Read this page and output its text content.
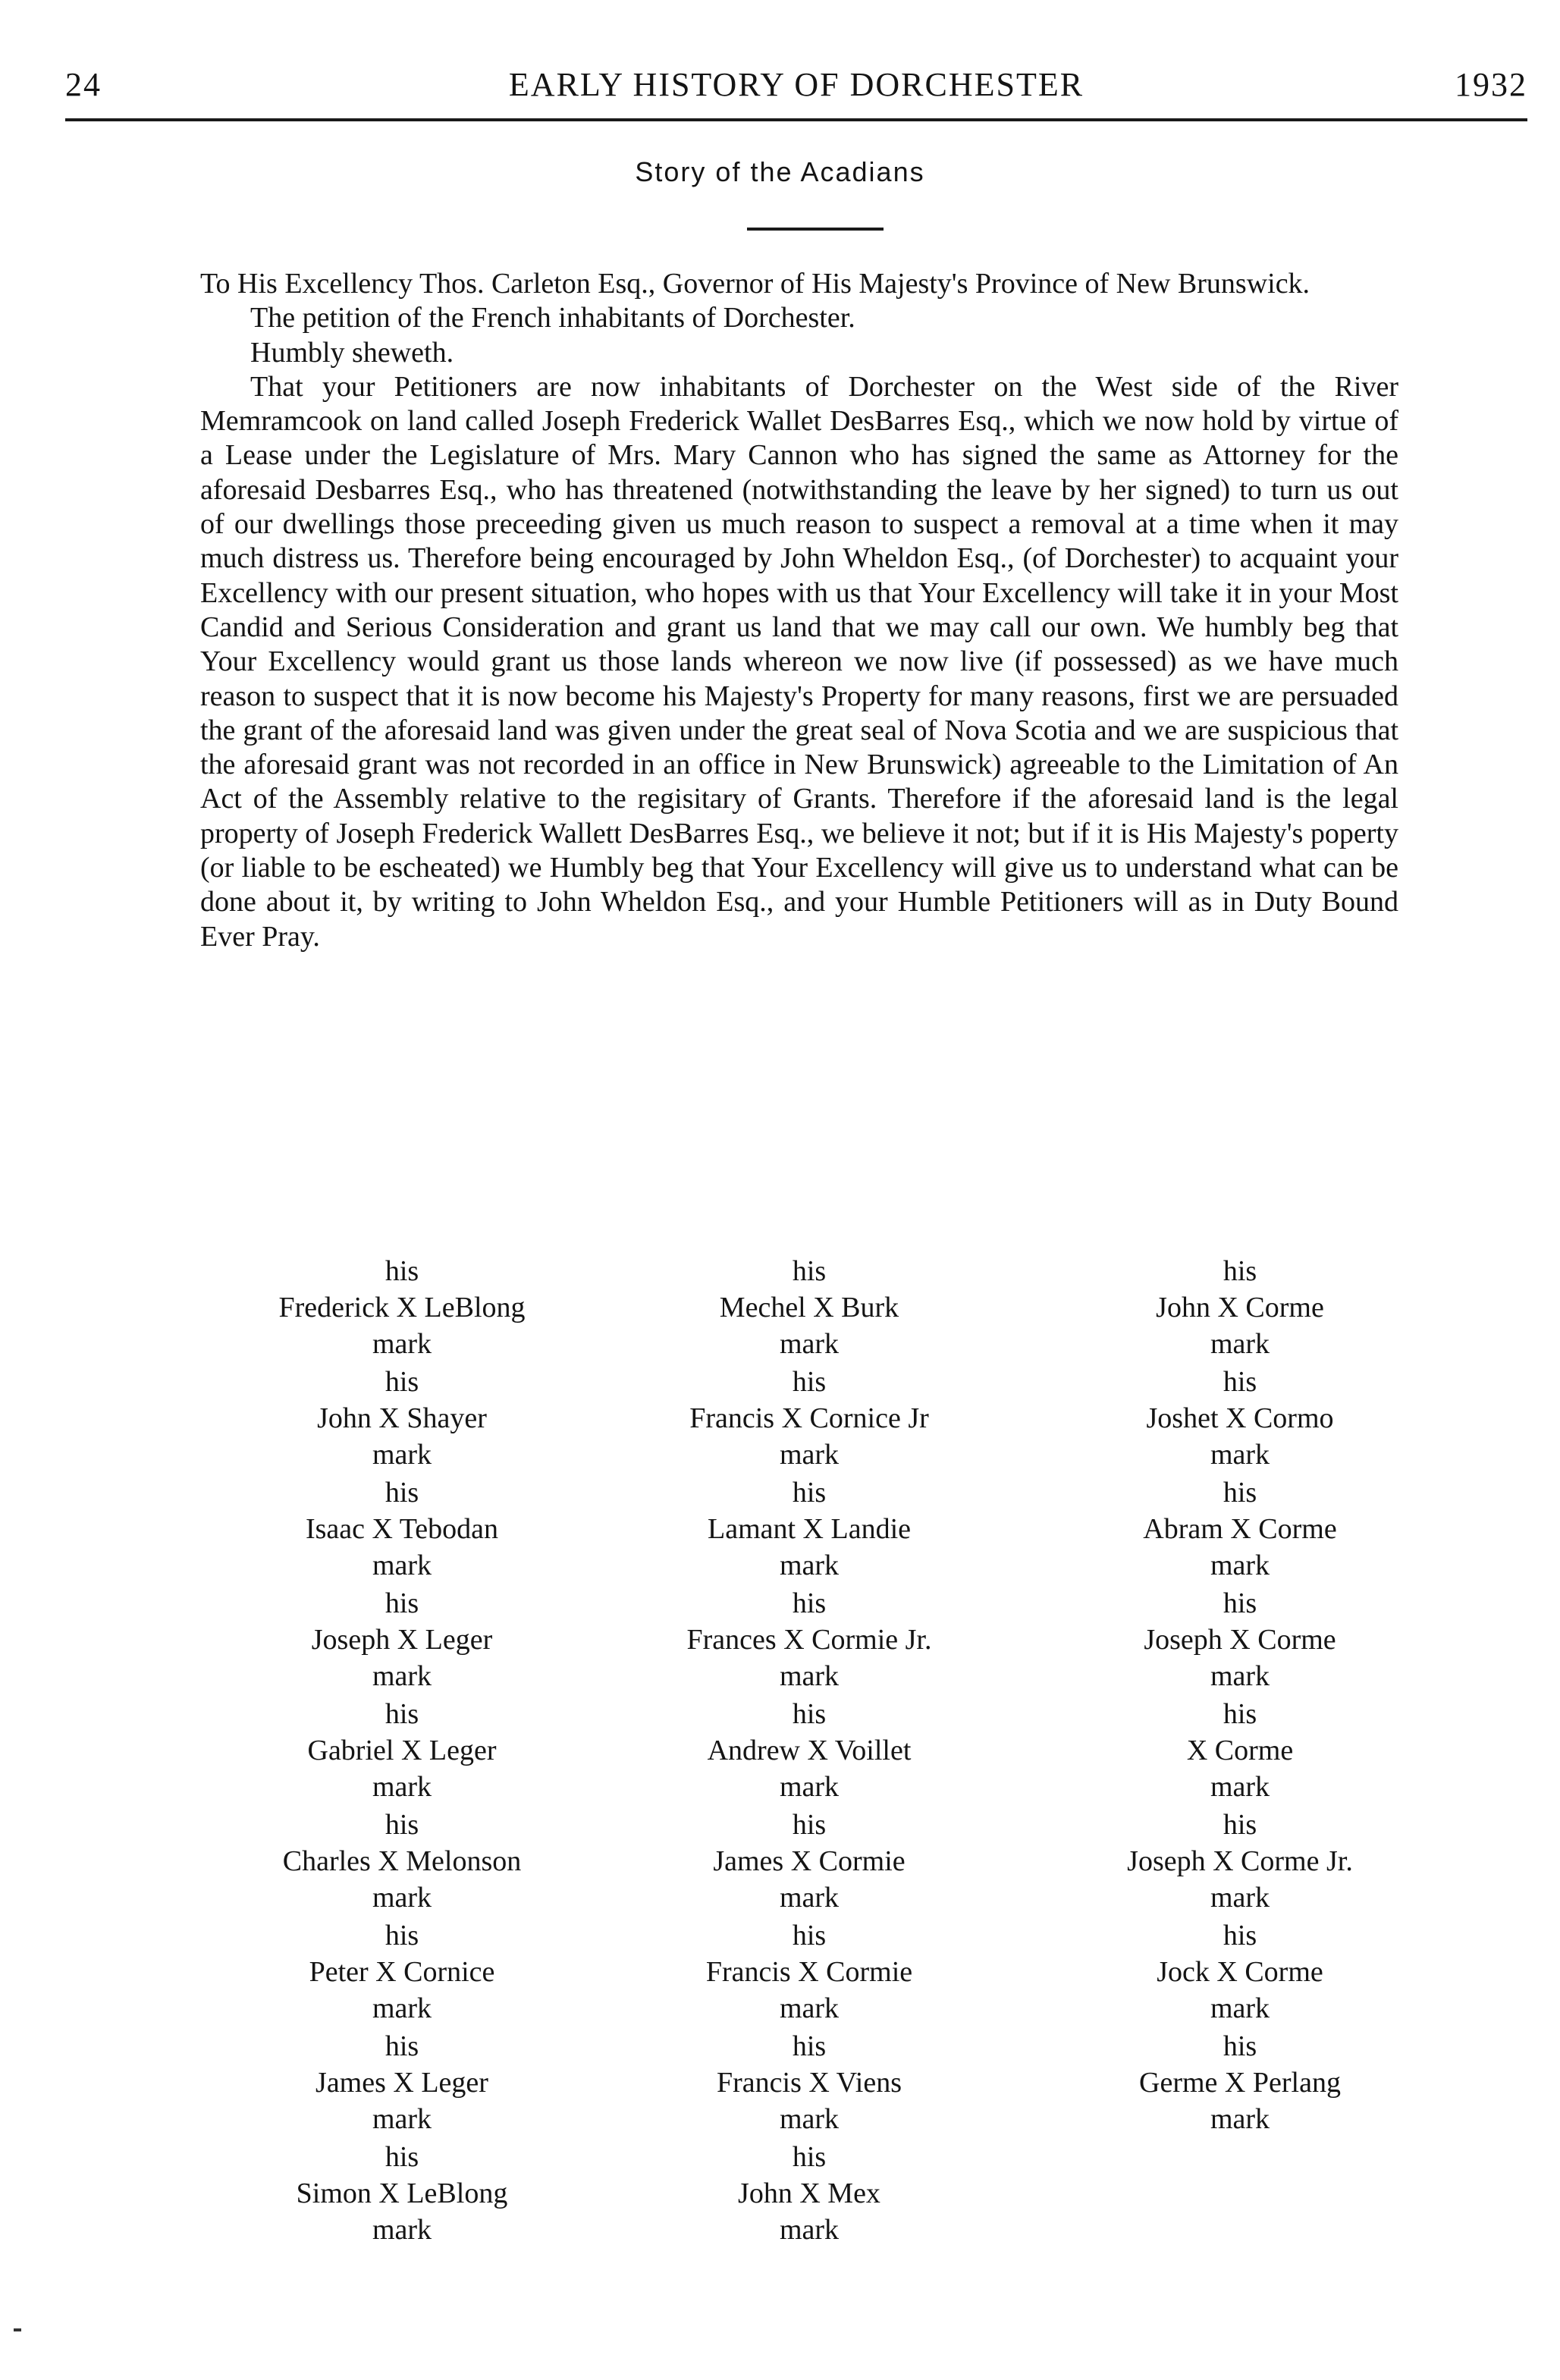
24	EARLY HISTORY OF DORCHESTER	1932
Story of the Acadians

To His Excellency Thos. Carleton Esq., Governor of His Majesty's Province of New Brunswick.

The petition of the French inhabitants of Dorchester.

Humbly sheweth.

That your Petitioners are now inhabitants of Dorchester on the West side of the River Memramcook on land called Joseph Frederick Wallet DesBarres Esq., which we now hold by virtue of a Lease under the Legislature of Mrs. Mary Cannon who has signed the same as Attorney for the aforesaid Desbarres Esq., who has threatened (notwithstanding the leave by her signed) to turn us out of our dwellings those preceeding given us much reason to suspect a removal at a time when it may much distress us. Therefore being encouraged by John Wheldon Esq., (of Dorchester) to acquaint your Excellency with our present situation, who hopes with us that Your Excellency will take it in your Most Candid and Serious Consideration and grant us land that we may call our own. We humbly beg that Your Excellency would grant us those lands whereon we now live (if possessed) as we have much reason to suspect that it is now become his Majesty's Property for many reasons, first we are persuaded the grant of the aforesaid land was given under the great seal of Nova Scotia and we are suspicious that the aforesaid grant was not recorded in an office in New Brunswick) agreeable to the Limitation of An Act of the Assembly relative to the regisitary of Grants. Therefore if the aforesaid land is the legal property of Joseph Frederick Wallett DesBarres Esq., we believe it not; but if it is His Majesty's poperty (or liable to be escheated) we Humbly beg that Your Excellency will give us to understand what can be done about it, by writing to John Wheldon Esq., and your Humble Petitioners will as in Duty Bound Ever Pray.

his
Frederick X LeBlong
mark
his
John X Shayer
mark
his
Isaac X Tebodan
mark
his
Joseph X Leger
mark
his
Gabriel X Leger
mark
his
Charles X Melonson
mark
his
Peter X Cornice
mark
his
James X Leger
mark
his
Simon X LeBlong
mark
his
Mechel X Burk
mark
his
Francis X Cornice Jr
mark
his
Lamant X Landie
mark
his
Frances X Cormie Jr.
mark
his
Andrew X Voillet
mark
his
James X Cormie
mark
his
Francis X Cormie
mark
his
Francis X Viens
mark
his
John X Mex
mark
his
John X Corme
mark
his
Joshet X Cormo
mark
his
Abram X Corme
mark
his
Joseph X Corme
mark
his
X Corme
mark
his
Joseph X Corme Jr.
mark
his
Jock X Corme
mark
his
Germe X Perlang
mark
